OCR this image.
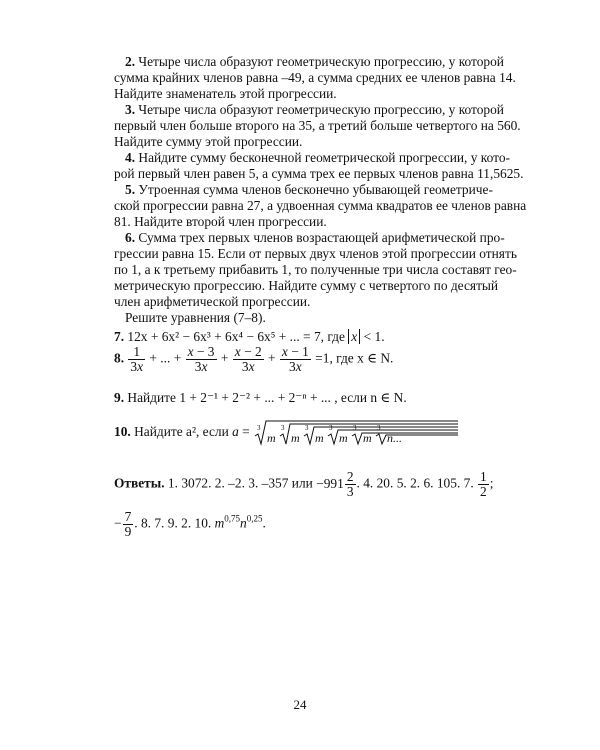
2. Четыре числа образуют геометрическую прогрессию, у которой

сумма крайних членов равна –49, а сумма средних ее членов равна 14.

Найдите знаменатель этой прогрессии.

3. Четыре числа образуют геометрическую прогрессию, у которой

первый член больше второго на 35, а третий больше четвертого на 560.

Найдите сумму этой прогрессии.

4. Найдите сумму бесконечной геометрической прогрессии, у кото-

рой первый член равен 5, а сумма трех ее первых членов равна 11,5625.

5. Утроенная сумма членов бесконечно убывающей геометриче-

ской прогрессии равна 27, а удвоенная сумма квадратов ее членов равна

81. Найдите второй член прогрессии.

6. Сумма трех первых членов возрастающей арифметической про-

грессии равна 15. Если от первых двух членов этой прогрессии отнять

по 1, а к третьему прибавить 1, то полученные три числа составят гео-

метрическую прогрессию. Найдите сумму с четвертого по десятый

член арифметической прогрессии.

Решите уравнения (7–8).

7. 12x + 6x² − 6x³ + 6x⁴ − 6x⁵ + ... = 7, где x < 1.
8. $\frac{1}{3x}$ + ... + $\frac{x - 3}{3x} + \frac{x - 2}{3x} + \frac{x - 1}{3x} =1$, где x ∈ N.
9. Найдите 1 + 2⁻¹ + 2⁻² + ... + 2⁻ⁿ + ... , если n ∈ N.
10. Найдите a², если a = m m m m m n...
3	3	3	3	3	3
Ответы. 1. 3072. 2. –2. 3. –357 или $-991 \frac{2}{3}$ . 4. 20. 5. 2. 6. 105. 7. $\frac{1}{2}$ ;
− $\frac{7}{9}$ . 8. 7. 9. 2. 10. $m^{0,75}n^{0,25}$.
24
